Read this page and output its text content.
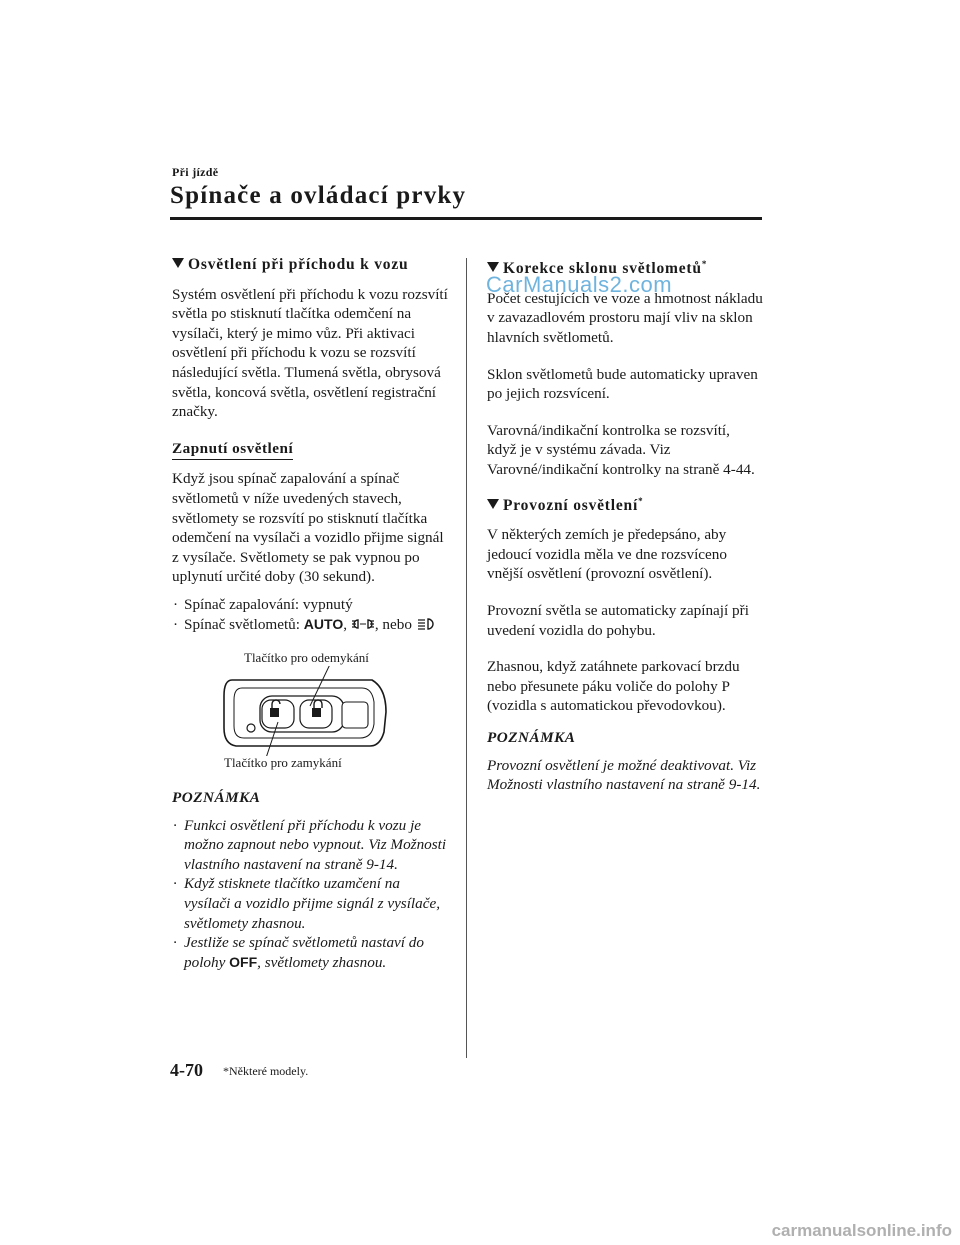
Při jízdě
Spínače a ovládací prvky
Osvětlení při příchodu k vozu

Systém osvětlení při příchodu k vozu rozsvítí světla po stisknutí tlačítka odemčení na vysílači, který je mimo vůz. Při aktivaci osvětlení při příchodu k vozu se rozsvítí následující světla. Tlumená světla, obrysová světla, koncová světla, osvětlení registrační značky.

Zapnutí osvětlení

Když jsou spínač zapalování a spínač světlometů v níže uvedených stavech, světlomety se rozsvítí po stisknutí tlačítka odemčení na vysílači a vozidlo přijme signál z vysílače. Světlomety se pak vypnou po uplynutí určité doby (30 sekund).

· Spínač zapalování: vypnutý
· Spínač světlometů: AUTO, , nebo
Tlačítko pro odemykání
Tlačítko pro zamykání
POZNÁMKA
· Funkci osvětlení při příchodu k vozu je možno zapnout nebo vypnout. Viz Možnosti vlastního nastavení na straně 9-14.
· Když stisknete tlačítko uzamčení na vysílači a vozidlo přijme signál z vysílače, světlomety zhasnou.
· Jestliže se spínač světlometů nastaví do polohy OFF, světlomety zhasnou.
Korekce sklonu světlometů*

Počet cestujících ve voze a hmotnost nákladu v zavazadlovém prostoru mají vliv na sklon hlavních světlometů.

Sklon světlometů bude automaticky upraven po jejich rozsvícení.

Varovná/indikační kontrolka se rozsvítí, když je v systému závada. Viz Varovné/indikační kontrolky na straně 4-44.

Provozní osvětlení*

V některých zemích je předepsáno, aby jedoucí vozidla měla ve dne rozsvíceno vnější osvětlení (provozní osvětlení).

Provozní světla se automaticky zapínají při uvedení vozidla do pohybu.

Zhasnou, když zatáhnete parkovací brzdu nebo přesunete páku voliče do polohy P (vozidla s automatickou převodovkou).

POZNÁMKA
Provozní osvětlení je možné deaktivovat. Viz Možnosti vlastního nastavení na straně 9-14.
CarManuals2.com
4-70 *Některé modely.
carmanualsonline.info
